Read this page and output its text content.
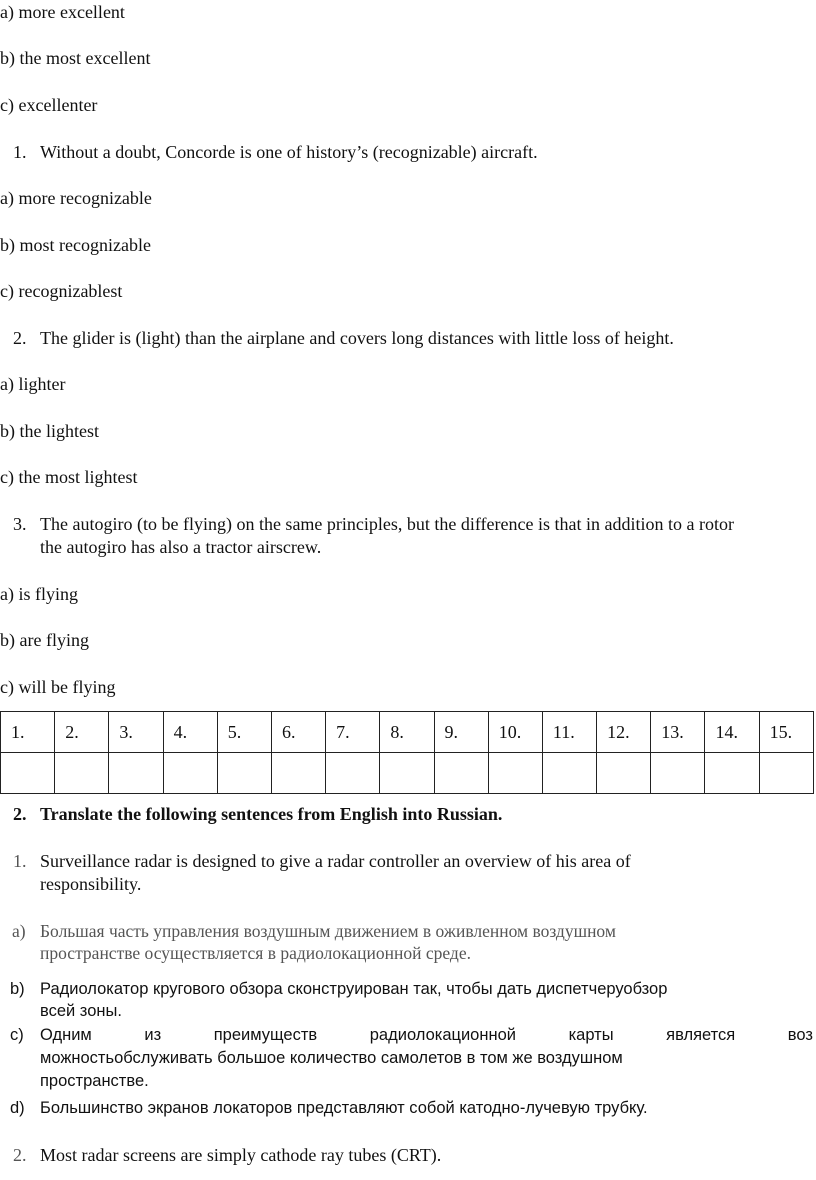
a) more excellent
b) the most excellent
c) excellenter
1. Without a doubt, Concorde is one of history’s (recognizable) aircraft.
a) more recognizable
b) most recognizable
c) recognizablest
2. The glider is (light) than the airplane and covers long distances with little loss of height.
a) lighter
b) the lightest
c) the most lightest
3. The autogiro (to be flying) on the same principles, but the difference is that in addition to a rotor
the autogiro has also a tractor airscrew.
a) is flying
b) are flying
c) will be flying
1.	2.	3.	4.	5.	6.	7.	8.	9.	10.	11.	12.	13.	14.	15.

2. Translate the following sentences from English into Russian.
1. Surveillance radar is designed to give a radar controller an overview of his area of
responsibility.
a) Большая часть управления воздушным движением в оживленном воздушном
пространстве осуществляется в радиолокационной среде.
b) Радиолокатор кругового обзора сконструирован так, чтобы дать диспетчеруобзор
всей зоны.
c) Одним	из	преимуществ	радиолокационной	карты	является	воз
можностьобслуживать большое количество самолетов в том же воздушном
пространстве.
d) Большинство экранов локаторов представляют собой катодно-лучевую трубку.
2. Most radar screens are simply cathode ray tubes (CRT).
